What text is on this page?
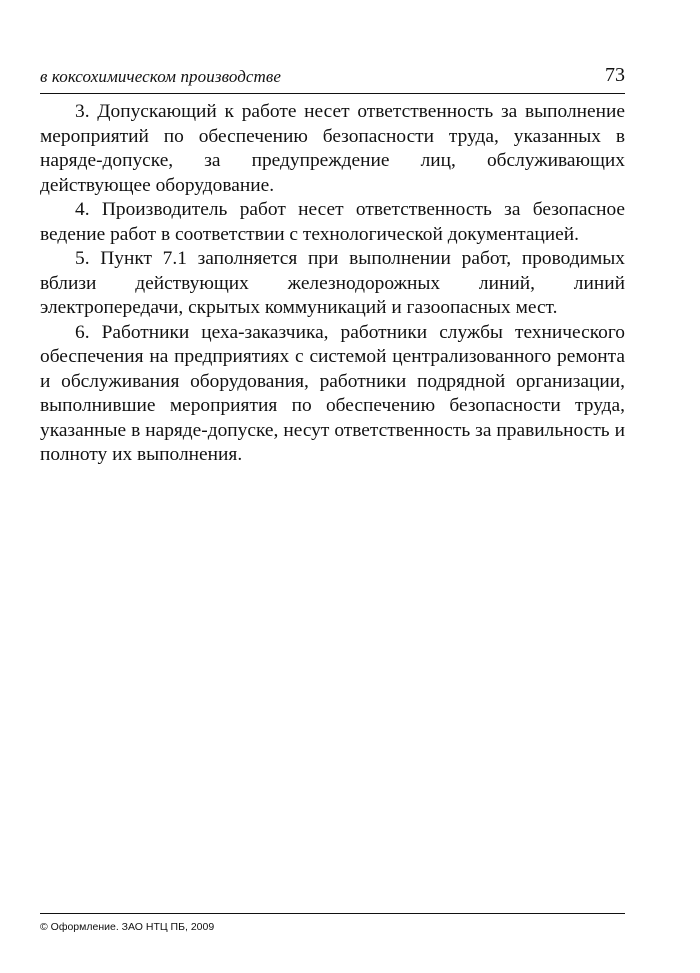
в коксохимическом производстве	73

3. Допускающий к работе несет ответственность за выполнение мероприятий по обеспечению безопасности труда, указанных в наряде-допуске, за предупреждение лиц, обслуживающих действующее оборудование.

4. Производитель работ несет ответственность за безопасное ведение работ в соответствии с технологической документацией.

5. Пункт 7.1 заполняется при выполнении работ, проводимых вблизи действующих железнодорожных линий, линий электропередачи, скрытых коммуникаций и газоопасных мест.

6. Работники цеха-заказчика, работники службы технического обеспечения на предприятиях с системой централизованного ремонта и обслуживания оборудования, работники подрядной организации, выполнившие мероприятия по обеспечению безопасности труда, указанные в наряде-допуске, несут ответственность за правильность и полноту их выполнения.

© Оформление. ЗАО НТЦ ПБ, 2009
